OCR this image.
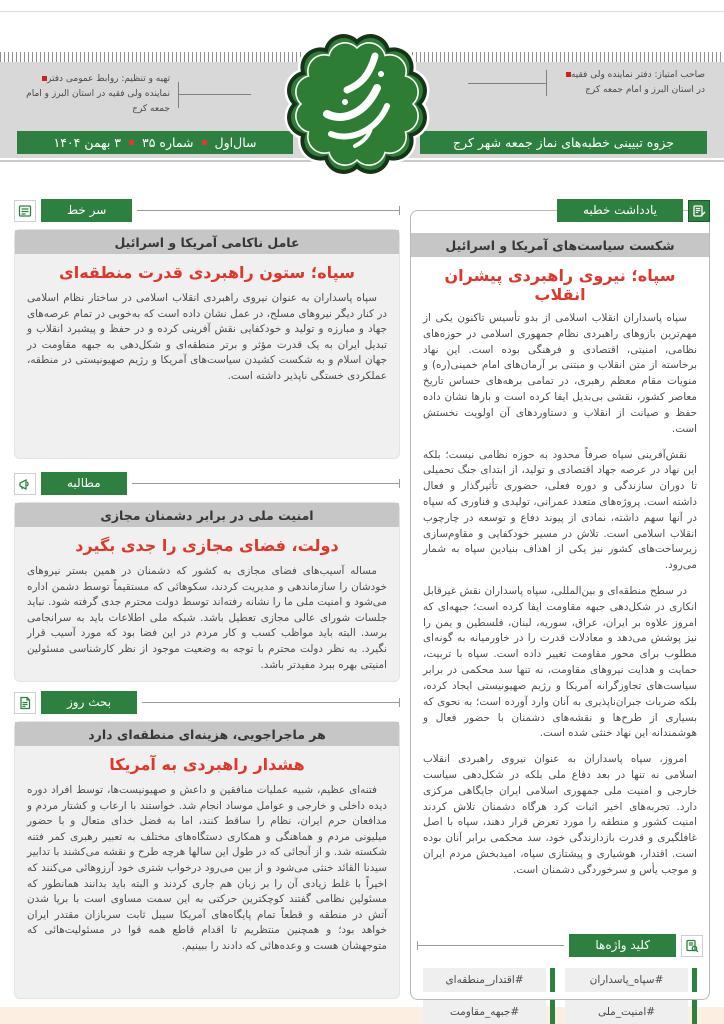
صاحب امتیاز: دفتر نماینده ولی فقیه در استان البرز و امام جمعه کرج
تهیه و تنظیم: روابط عمومی دفتر نماینده ولی فقیه در استان البرز و امام جمعه کرج
جزوه تبیینی خطبه‌های نماز جمعه شهر کرج
سال‌اول
شماره ۳۵
۳ بهمن ۱۴۰۴
سر خط
عامل ناکامی آمریکا و اسرائیل
سپاه؛ ستون راهبردی قدرت منطقه‌ای
سپاه پاسداران به عنوان نیروی راهبردی انقلاب اسلامی در ساختار نظام اسلامی در کنار دیگر نیروهای مسلح، در عمل نشان داده است که به‌خوبی در تمام عرصه‌های جهاد و مبارزه و تولید و خودکفایی نقش آفرینی کرده و در حفظ و پیشبرد انقلاب و تبدیل ایران به یک قدرت مؤثر و برتر منطقه‌ای و شکل‌دهی به جبهه مقاومت در جهان اسلام و به شکست کشیدن سیاست‌های آمریکا و رژیم صهیونیستی در منطقه، عملکردی خستگی ناپذیر داشته است.
مطالبه
امنیت ملی در برابر دشمنان مجازی
دولت، فضای مجازی را جدی بگیرد
مساله آسیب‌های فضای مجازی به کشور که دشمنان در همین بستر نیروهای خودشان را سازماندهی و مدیریت کردند، سکوهائی که مستقیماً توسط دشمن اداره می‌شود و امنیت ملی ما را نشانه رفته‌اند توسط دولت محترم جدی گرفته شود. نباید جلسات شورای عالی مجازی تعطیل باشد. شبکه ملی اطلاعات باید به سرانجامی برسد. البته باید مواظب کسب و کار مردم در این فضا بود که مورد آسیب قرار نگیرد. به نظر دولت محترم با توجه به وضعیت موجود از نظر کارشناسی مسئولین امنیتی بهره ببرد مفیدتر باشد.
بحث روز
هر ماجراجویی، هزینه‌ای منطقه‌ای دارد
هشدار راهبردی به آمریکا
فتنه‌ای عظیم، شبیه عملیات منافقین و داعش و صهیونیست‌ها، توسط افراد دوره دیده داخلی و خارجی و عوامل موساد انجام شد. خواستند با ارعاب و کشتار مردم و مدافعان حرم ایران، نظام را ساقط کنند، اما به فضل خدای متعال و با حضور میلیونی مردم و هماهنگی و همکاری دستگاه‌های مختلف به تعبیر رهبری کمر فتنه شکسته شد. و از آنجائی که در طول این سالها هرچه طرح و نقشه می‌کشند با تدابیر سیدنا القائد خنثی می‌شود و از بین می‌رود درخواب شتری خود آرزوهائی می‌کنند که اخیراً با غلط زیادی آن را بر زبان هم جاری کردند و البته باید بدانند همانطور که مسئولین نظامی گفتند کوچکترین حرکتی به این سمت مساوی است با برپا شدن آتش در منطقه و قطعاً تمام پایگاه‌های آمریکا سیبل ثابت سربازان مقتدر ایران خواهد بود؛ و همچنین منتظریم تا اقدام قاطع همه قوا در مسئولیت‌هائی که متوجهشان هست و وعده‌هائی که دادند را ببینیم.
یادداشت خطبه
شکست سیاست‌های آمریکا و اسرائیل
سپاه؛ نیروی راهبردی پیشران انقلاب

سپاه پاسداران انقلاب اسلامی از بدو تأسیس تاکنون یکی از مهم‌ترین بازوهای راهبردی نظام جمهوری اسلامی در حوزه‌های نظامی، امنیتی، اقتصادی و فرهنگی بوده است. این نهاد برخاسته از متن انقلاب و مبتنی بر آرمان‌های امام خمینی(ره) و منویات مقام معظم رهبری، در تمامی برهه‌های حساس تاریخ معاصر کشور، نقشی بی‌بدیل ایفا کرده است و بارها نشان داده حفظ و صیانت از انقلاب و دستاوردهای آن اولویت نخستش است.

نقش‌آفرینی سپاه صرفاً محدود به حوزه نظامی نیست؛ بلکه این نهاد در عرصه جهاد اقتصادی و تولید، از ابتدای جنگ تحمیلی تا دوران سازندگی و دوره فعلی، حضوری تأثیرگذار و فعال داشته است. پروژه‌های متعدد عمرانی، تولیدی و فناوری که سپاه در آنها سهم داشته، نمادی از پیوند دفاع و توسعه در چارچوب انقلاب اسلامی است. تلاش در مسیر خودکفایی و مقاوم‌سازی زیرساخت‌های کشور نیز یکی از اهداف بنیادین سپاه به شمار می‌رود.

در سطح منطقه‌ای و بین‌المللی، سپاه پاسداران نقش غیرقابل انکاری در شکل‌دهی جبهه مقاومت ایفا کرده است؛ جبهه‌ای که امروز علاوه بر ایران، عراق، سوریه، لبنان، فلسطین و یمن را نیز پوشش می‌دهد و معادلات قدرت را در خاورمیانه به گونه‌ای مطلوب برای محور مقاومت تغییر داده است. سپاه با تربیت، حمایت و هدایت نیروهای مقاومت، نه تنها سد محکمی در برابر سیاست‌های تجاوزگرانه آمریکا و رژیم صهیونیستی ایجاد کرده، بلکه ضربات جبران‌ناپذیری به آنان وارد آورده است؛ به نحوی که بسیاری از طرح‌ها و نقشه‌های دشمنان با حضور فعال و هوشمندانه این نهاد خنثی شده است.

امروز، سپاه پاسداران به عنوان نیروی راهبردی انقلاب اسلامی نه تنها در بعد دفاع ملی بلکه در شکل‌دهی سیاست خارجی و امنیت ملی جمهوری اسلامی ایران جایگاهی مرکزی دارد. تجربه‌های اخیر اثبات کرد هرگاه دشمنان تلاش کردند امنیت کشور و منطقه را مورد تعرض قرار دهند، سپاه با اصل غافلگیری و قدرت بازدارندگی خود، سد محکمی برابر آنان بوده است. اقتدار، هوشیاری و پیشتازی سپاه، امیدبخش مردم ایران و موجب یأس و سرخوردگی دشمنان است.

کلید واژه‌ها
#سپاه_پاسداران
#اقتدار_منطقه‌ای
#امنیت_ملی
#جبهه_مقاومت
